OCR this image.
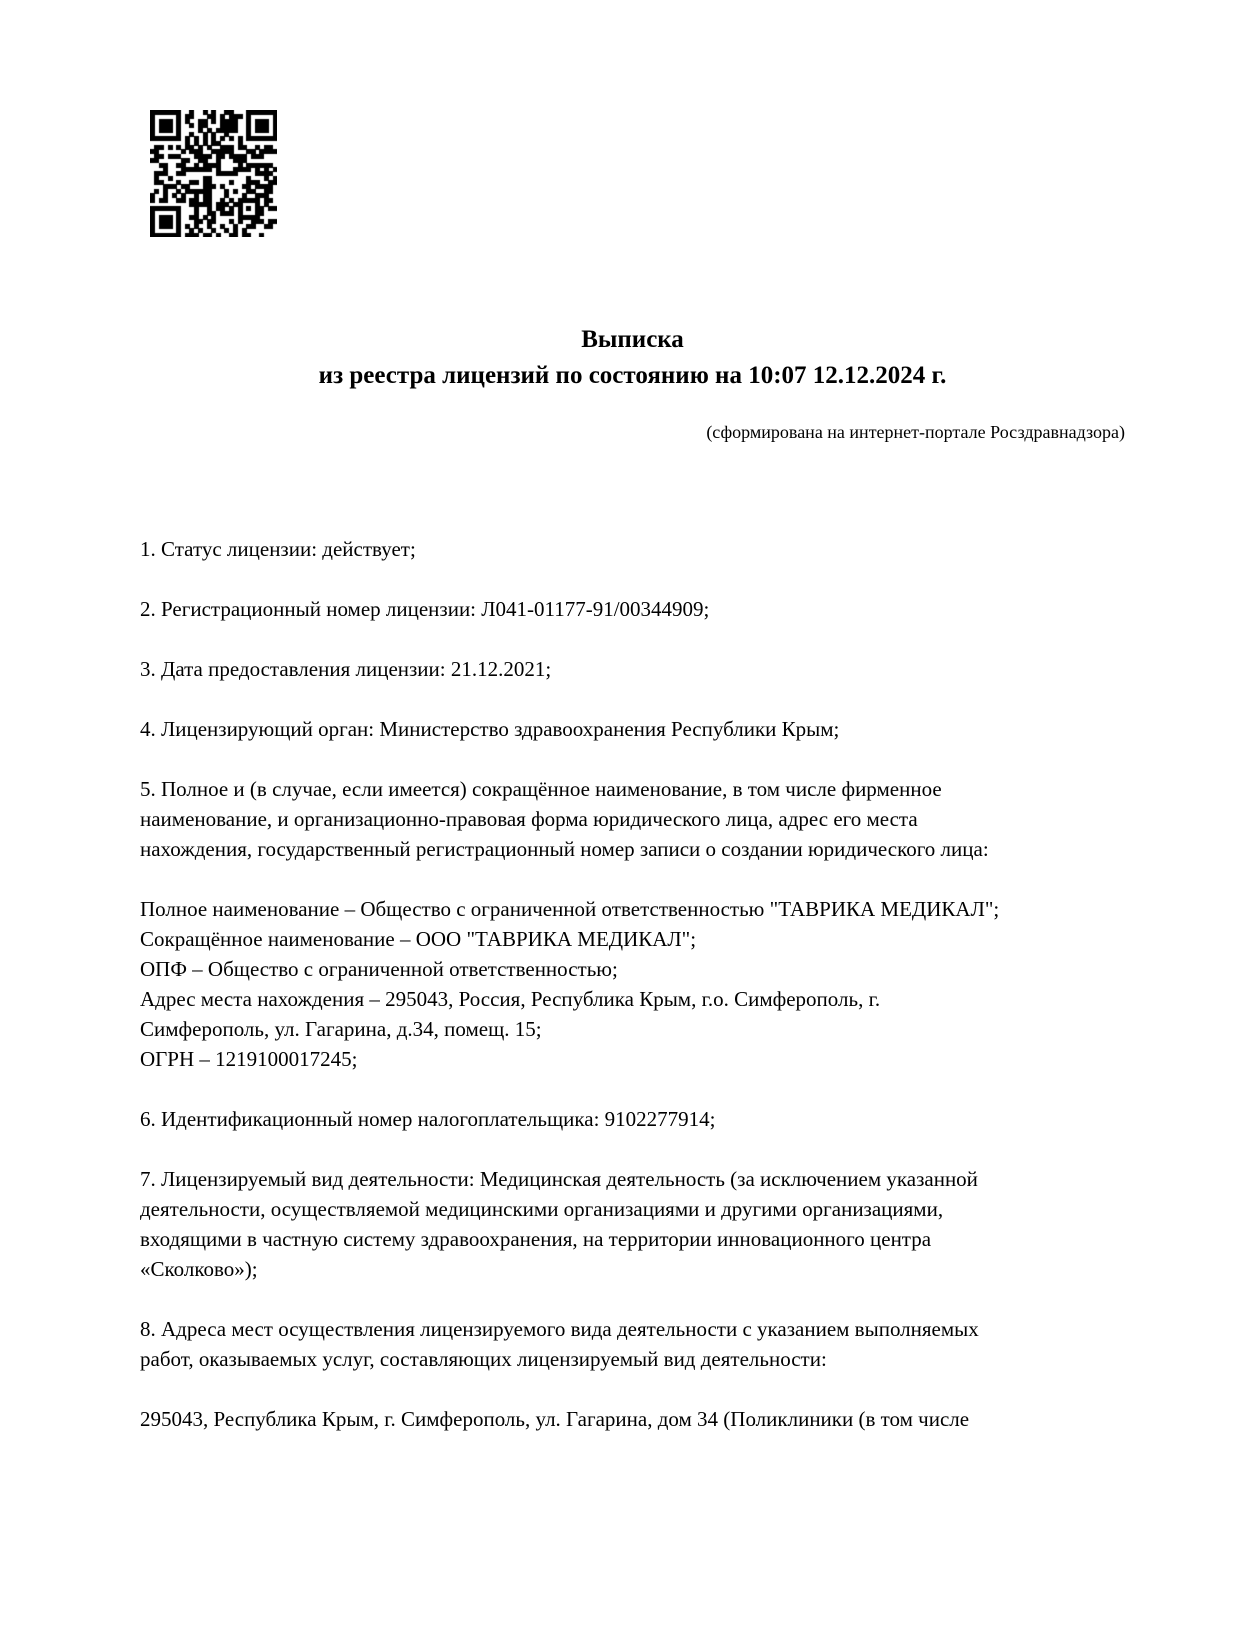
Выписка
из реестра лицензий по состоянию на 10:07 12.12.2024 г.
(сформирована на интернет-портале Росздравнадзора)
1. Статус лицензии: действует;
2. Регистрационный номер лицензии: Л041-01177-91/00344909;
3. Дата предоставления лицензии: 21.12.2021;
4. Лицензирующий орган: Министерство здравоохранения Республики Крым;
5. Полное и (в случае, если имеется) сокращённое наименование, в том числе фирменное
наименование, и организационно-правовая форма юридического лица, адрес его места
нахождения, государственный регистрационный номер записи о создании юридического лица:
Полное наименование – Общество с ограниченной ответственностью "ТАВРИКА МЕДИКАЛ";
Сокращённое наименование – ООО "ТАВРИКА МЕДИКАЛ";
ОПФ – Общество с ограниченной ответственностью;
Адрес места нахождения – 295043, Россия, Республика Крым, г.о. Симферополь, г.
Симферополь, ул. Гагарина, д.34, помещ. 15;
ОГРН – 1219100017245;
6. Идентификационный номер налогоплательщика: 9102277914;
7. Лицензируемый вид деятельности: Медицинская деятельность (за исключением указанной
деятельности, осуществляемой медицинскими организациями и другими организациями,
входящими в частную систему здравоохранения, на территории инновационного центра
«Сколково»);
8. Адреса мест осуществления лицензируемого вида деятельности с указанием выполняемых
работ, оказываемых услуг, составляющих лицензируемый вид деятельности:
295043, Республика Крым, г. Симферополь, ул. Гагарина, дом 34 (Поликлиники (в том числе
